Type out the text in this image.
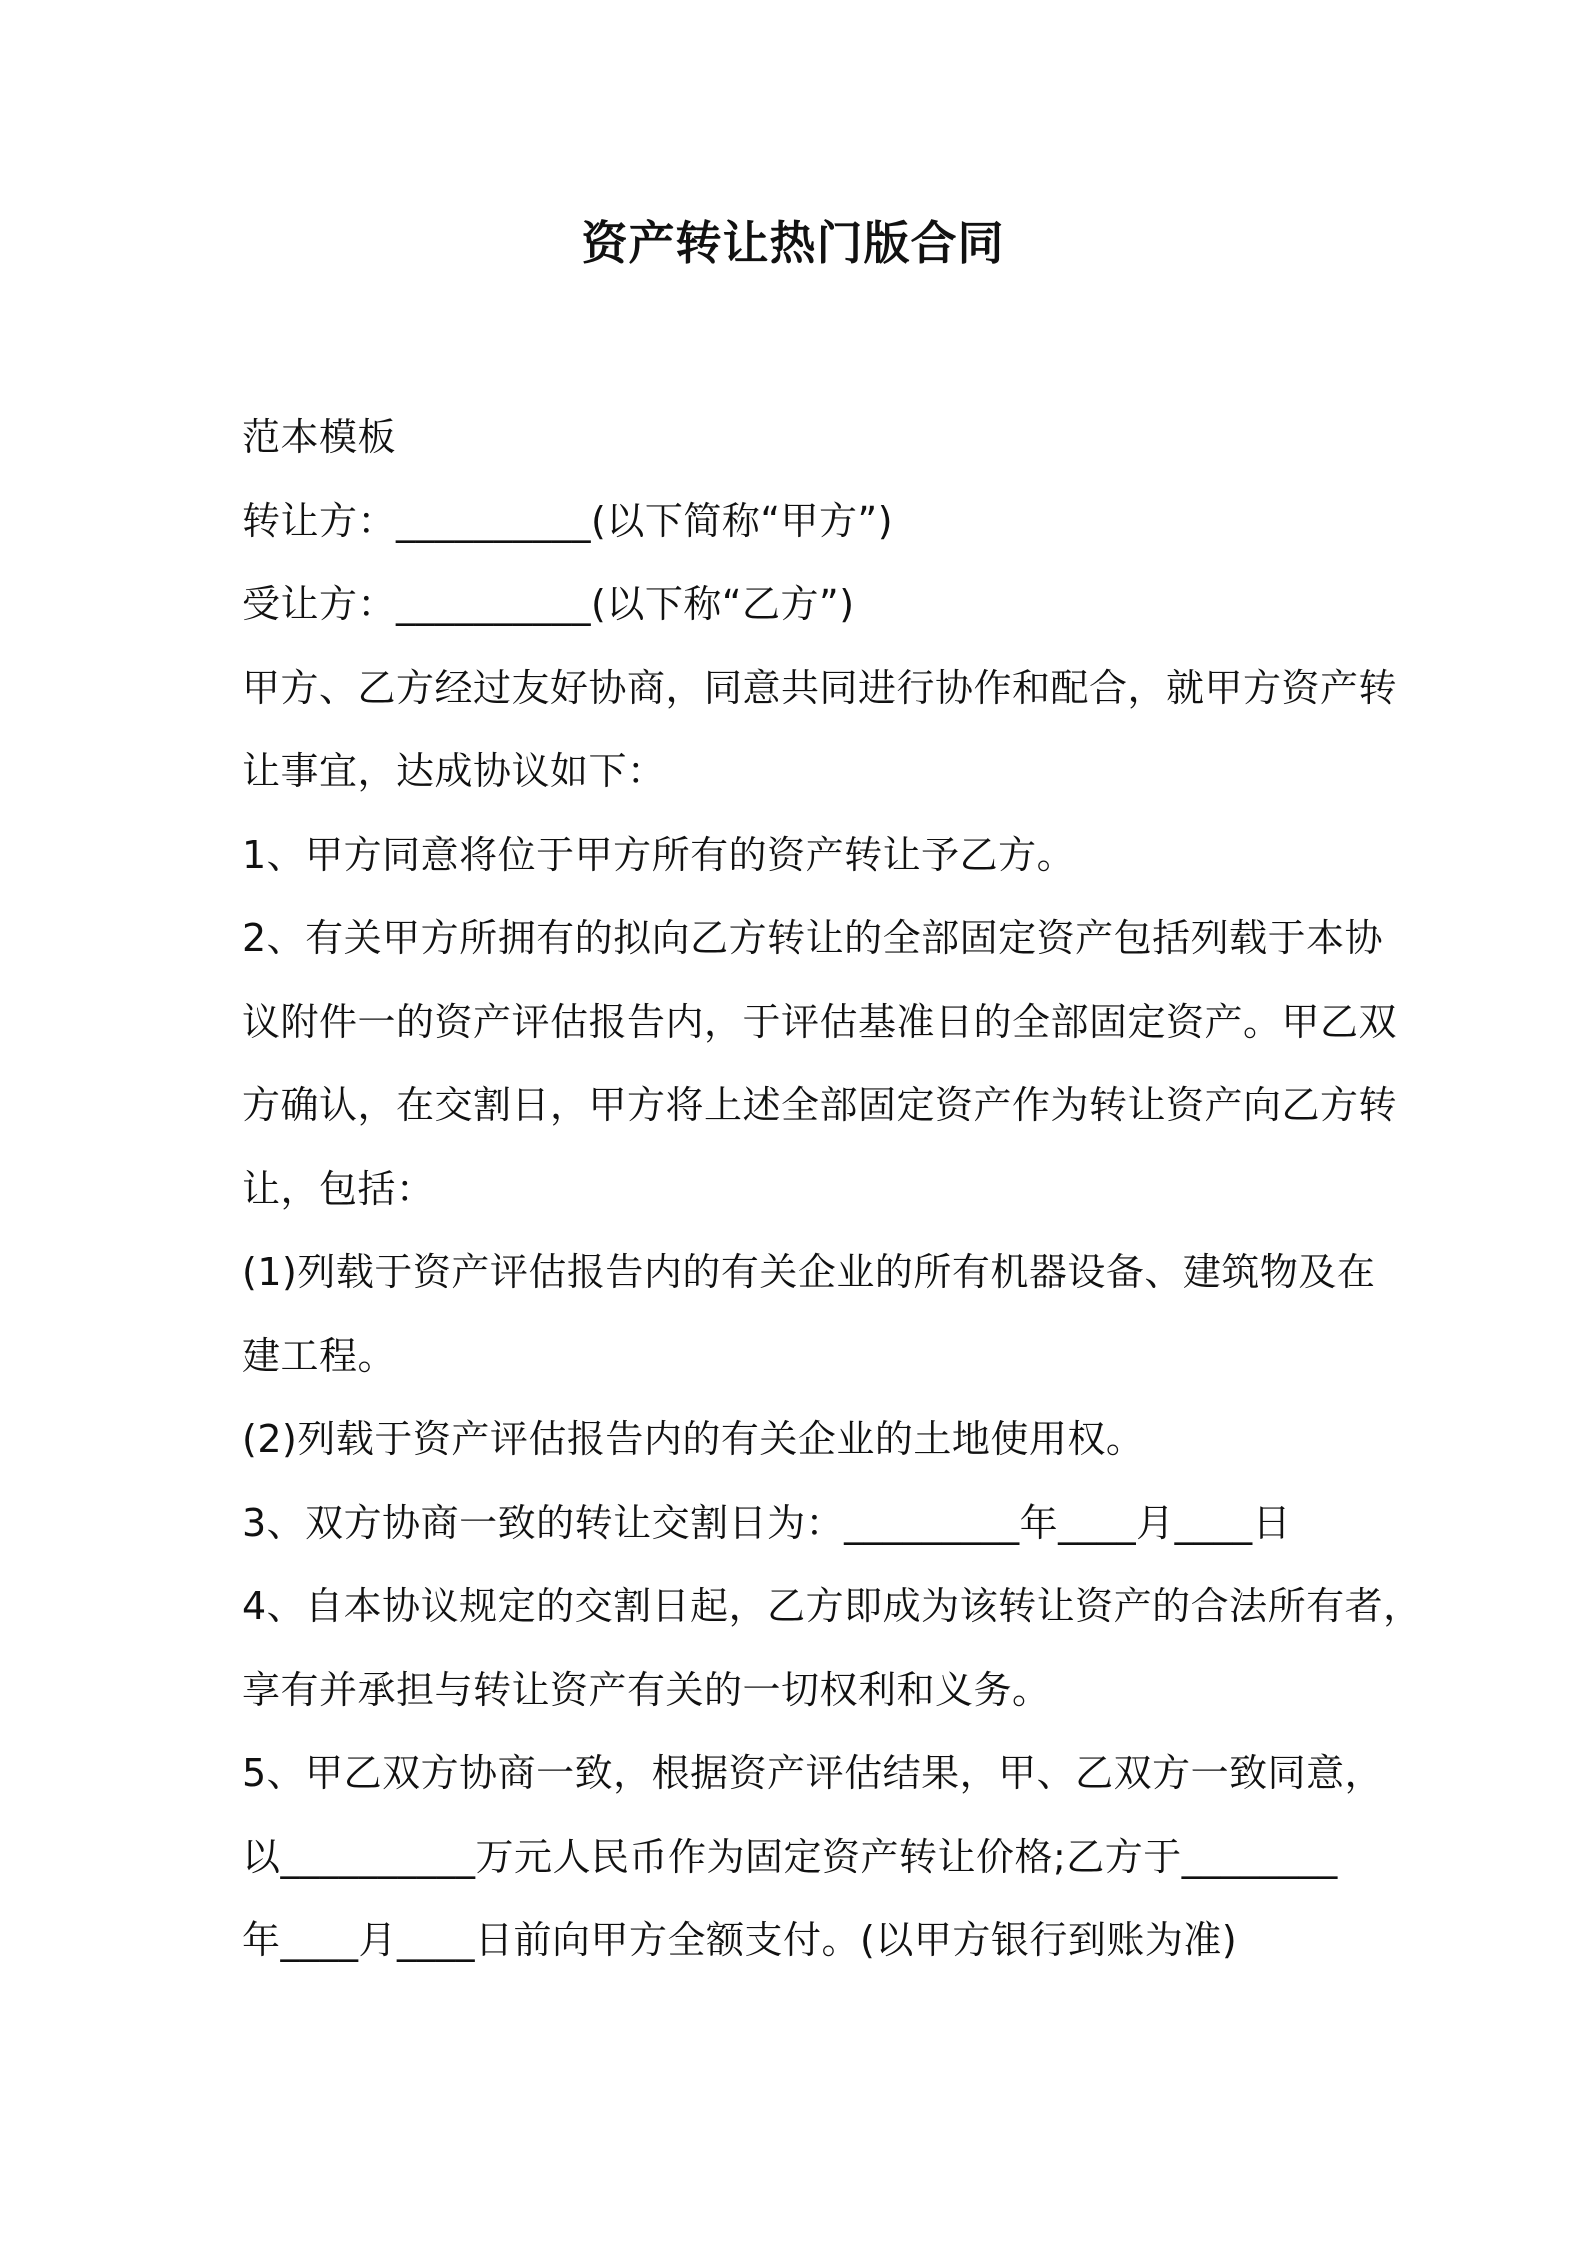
资产转让热门版合同
范本模板
转让方：__________(以下简称“甲方”)
受让方：__________(以下称“乙方”)
甲方、乙方经过友好协商，同意共同进行协作和配合，就甲方资产转
让事宜，达成协议如下：
1、甲方同意将位于甲方所有的资产转让予乙方。
2、有关甲方所拥有的拟向乙方转让的全部固定资产包括列载于本协
议附件一的资产评估报告内，于评估基准日的全部固定资产。甲乙双
方确认，在交割日，甲方将上述全部固定资产作为转让资产向乙方转
让，包括：
(1)列载于资产评估报告内的有关企业的所有机器设备、建筑物及在
建工程。
(2)列载于资产评估报告内的有关企业的土地使用权。
3、双方协商一致的转让交割日为：_________年____月____日
4、自本协议规定的交割日起，乙方即成为该转让资产的合法所有者，
享有并承担与转让资产有关的一切权利和义务。
5、甲乙双方协商一致，根据资产评估结果，甲、乙双方一致同意，
以__________万元人民币作为固定资产转让价格;乙方于________
年____月____日前向甲方全额支付。(以甲方银行到账为准)
